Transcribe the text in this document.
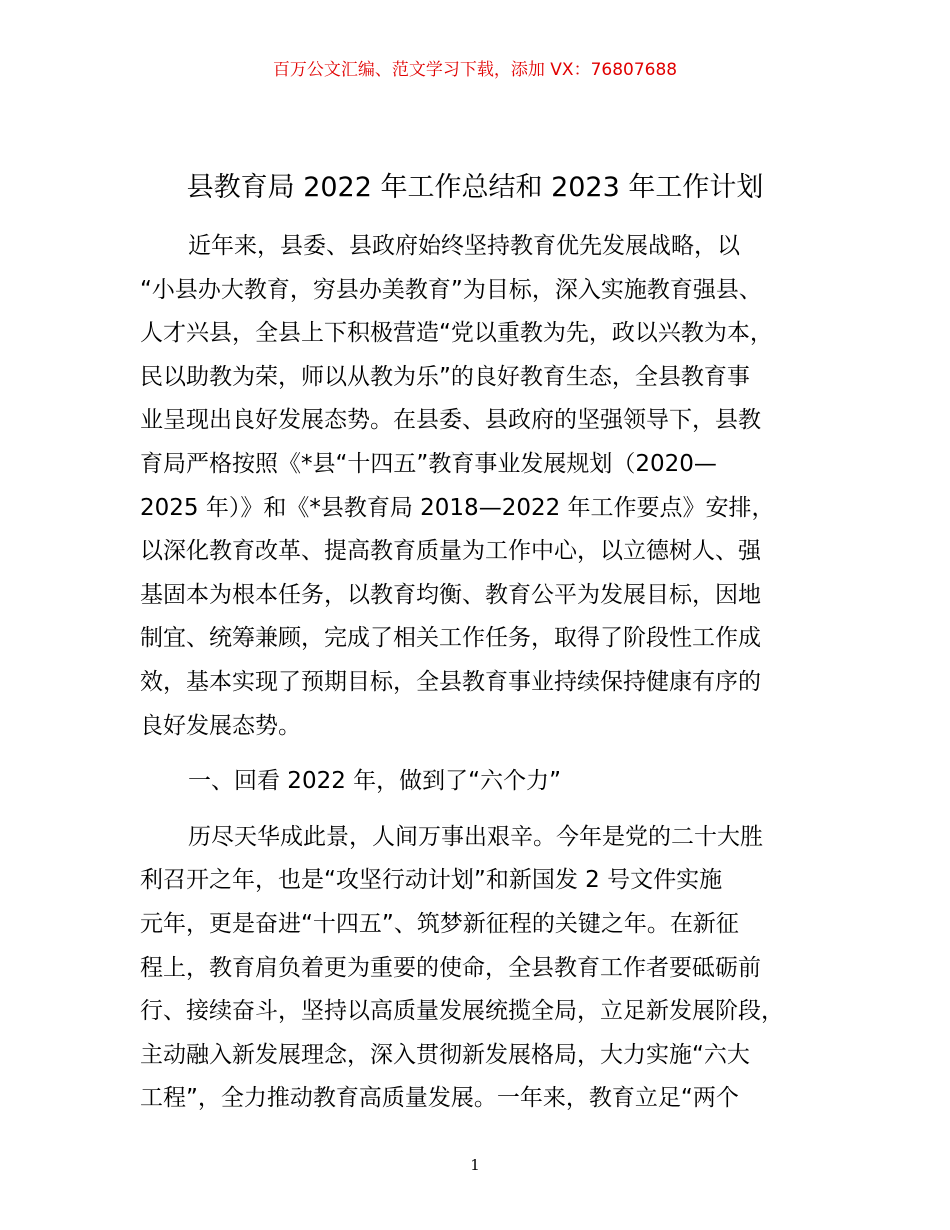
百万公文汇编、范文学习下载，添加 VX：76807688
县教育局 2022 年工作总结和 2023 年工作计划
近年来，县委、县政府始终坚持教育优先发展战略，以
“小县办大教育，穷县办美教育”为目标，深入实施教育强县、
人才兴县，全县上下积极营造“党以重教为先，政以兴教为本，
民以助教为荣，师以从教为乐”的良好教育生态，全县教育事
业呈现出良好发展态势。在县委、县政府的坚强领导下，县教
育局严格按照《*县“十四五”教育事业发展规划（2020—
2025 年）》和《*县教育局 2018—2022 年工作要点》安排，
以深化教育改革、提高教育质量为工作中心，以立德树人、强
基固本为根本任务，以教育均衡、教育公平为发展目标，因地
制宜、统筹兼顾，完成了相关工作任务，取得了阶段性工作成
效，基本实现了预期目标，全县教育事业持续保持健康有序的
良好发展态势。
一、回看 2022 年，做到了“六个力”
历尽天华成此景，人间万事出艰辛。今年是党的二十大胜
利召开之年，也是“攻坚行动计划”和新国发 2 号文件实施
元年，更是奋进“十四五”、筑梦新征程的关键之年。在新征
程上，教育肩负着更为重要的使命，全县教育工作者要砥砺前
行、接续奋斗，坚持以高质量发展统揽全局，立足新发展阶段，
主动融入新发展理念，深入贯彻新发展格局，大力实施“六大
工程”，全力推动教育高质量发展。一年来，教育立足“两个
1
